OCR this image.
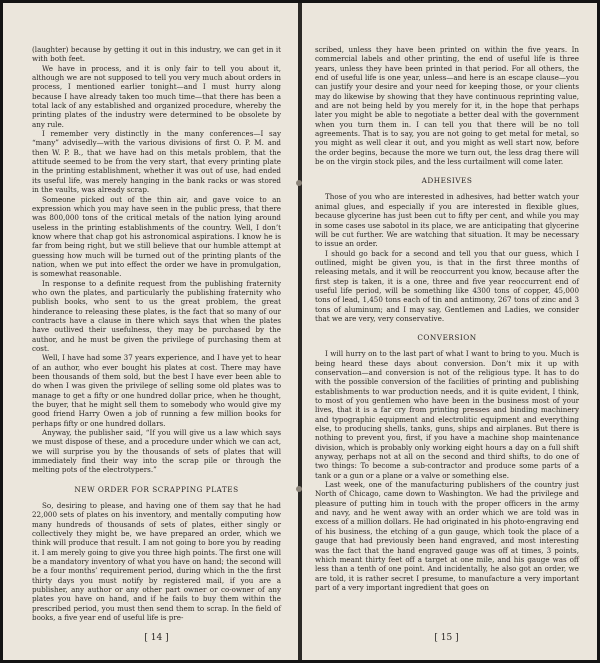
(laughter) because by getting it out in this industry, we can get in it with both feet.

We have in process, and it is only fair to tell you about it, although we are not supposed to tell you very much about orders in process, I mentioned earlier tonight—and I must hurry along because I have already taken too much time—that there has been a total lack of any established and organized procedure, whereby the printing plates of the industry were determined to be obsolete by any rule.

I remember very distinctly in the many conferences—I say “many” advisedly—with the various divisions of first O. P. M. and then W. P. B., that we have had on this metals problem, that the attitude seemed to be from the very start, that every printing plate in the printing establishment, whether it was out of use, had ended its useful life, was merely hanging in the bank racks or was stored in the vaults, was already scrap.

Someone picked out of the thin air, and gave voice to an expression which you may have seen in the public press, that there was 800,000 tons of the critical metals of the nation lying around useless in the printing establishments of the country. Well, I don’t know where that chap got his astronomical aspirations. I know he is far from being right, but we still believe that our humble attempt at guessing how much will be turned out of the printing plants of the nation, when we put into effect the order we have in promulgation, is somewhat reasonable.

In response to a definite request from the publishing fraternity who own the plates, and particularly the publishing fraternity who publish books, who sent to us the great problem, the great hinderance to releasing these plates, is the fact that so many of our contracts have a clause in there which says that when the plates have outlived their usefulness, they may be purchased by the author, and he must be given the privilege of purchasing them at cost.

Well, I have had some 37 years experience, and I have yet to hear of an author, who ever bought his plates at cost. There may have been thousands of them sold, but the best I have ever been able to do when I was given the privilege of selling some old plates was to manage to get a fifty or one hundred dollar price, when he thought, the buyer, that he might sell them to somebody who would give my good friend Harry Owen a job of running a few million books for perhaps fifty or one hundred dollars.

Anyway, the publisher said, “If you will give us a law which says we must dispose of these, and a procedure under which we can act, we will surprise you by the thousands of sets of plates that will immediately find their way into the scrap pile or through the melting pots of the electrotypers.”

NEW ORDER FOR SCRAPPING PLATES

So, desiring to please, and having one of them say that he had 22,000 sets of plates on his inventory, and mentally computing how many hundreds of thousands of sets of plates, either singly or collectively they might be, we have prepared an order, which we think will produce that result. I am not going to bore you by reading it. I am merely going to give you three high points. The first one will be a mandatory inventory of what you have on hand; the second will be a four months’ requirement period, during which in the the first thirty days you must notify by registered mail, if you are a publisher, any author or any other part owner or co-owner of any plates you have on hand, and if he fails to buy them within the prescribed period, you must then send them to scrap. In the field of books, a five year end of useful life is pre-

[ 14 ]

scribed, unless they have been printed on within the five years. In commercial labels and other printing, the end of useful life is three years, unless they have been printed in that period. For all others, the end of useful life is one year, unless—and here is an escape clause—you can justify your desire and your need for keeping those, or your clients may do likewise by showing that they have continuous reprinting value, and are not being held by you merely for it, in the hope that perhaps later you might be able to negotiate a better deal with the government when you turn them in. I can tell you that there will be no toll agreements. That is to say, you are not going to get metal for metal, so you might as well clear it out, and you might as well start now, before the order begins, because the more we turn out, the less drag there will be on the virgin stock piles, and the less curtailment will come later.

ADHESIVES

Those of you who are interested in adhesives, had better watch your animal glues, and especially if you are interested in flexible glues, because glycerine has just been cut to fifty per cent, and while you may in some cases use sabotol in its place, we are anticipating that glycerine will be cut further. We are watching that situation. It may be necessary to issue an order.

I should go back for a second and tell you that our guess, which I outlined, might be given you, is that in the first three months of releasing metals, and it will be reoccurrent you know, because after the first step is taken, it is a one, three and five year reoccurrent end of useful life period, will be something like 4300 tons of copper, 45,000 tons of lead, 1,450 tons each of tin and antimony, 267 tons of zinc and 3 tons of aluminum; and I may say, Gentlemen and Ladies, we consider that we are very, very conservative.

CONVERSION

I will hurry on to the last part of what I want to bring to you. Much is being heard these days about conversion. Don’t mix it up with conservation—and conversion is not of the religious type. It has to do with the possible conversion of the facilities of printing and publishing establishments to war production needs, and it is quite evident, I think, to most of you gentlemen who have been in the business most of your lives, that it is a far cry from printing presses and binding machinery and typographic equipment and electrolitic equipment and everything else, to producing shells, tanks, guns, ships and airplanes. But there is nothing to prevent you, first, if you have a machine shop maintenance division, which is probably only working eight hours a day on a full shift anyway, perhaps not at all on the second and third shifts, to do one of two things: To become a sub-contractor and produce some parts of a tank or a gun or a plane or a valve or something else.

Last week, one of the manufacturing publishers of the country just North of Chicago, came down to Washington. We had the privilege and pleasure of putting him in touch with the proper officers in the army and navy, and he went away with an order which we are told was in excess of a million dollars. He had originated in his photo-engraving end of his business, the etching of a gun gauge, which took the place of a gauge that had previously been hand engraved, and most interesting was the fact that the hand engraved gauge was off at times, 3 points, which meant thirty feet off a target at one mile, and his gauge was off less than a tenth of one point. And incidentally, he also got an order, we are told, it is rather secret I presume, to manufacture a very important part of a very important ingredient that goes on

[ 15 ]
